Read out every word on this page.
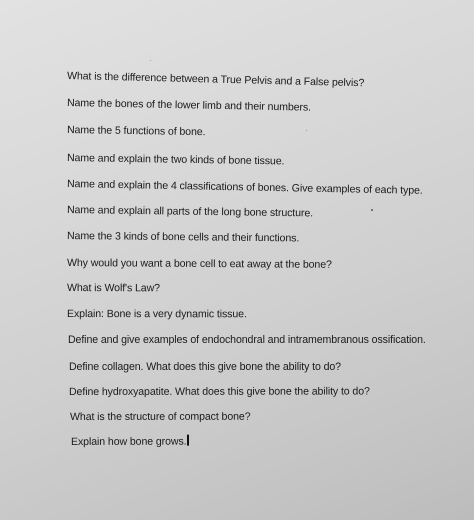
What is the difference between a True Pelvis and a False pelvis?

Name the bones of the lower limb and their numbers.

Name the 5 functions of bone.

Name and explain the two kinds of bone tissue.

Name and explain the 4 classifications of bones. Give examples of each type.

Name and explain all parts of the long bone structure.

Name the 3 kinds of bone cells and their functions.

Why would you want a bone cell to eat away at the bone?

What is Wolf's Law?

Explain: Bone is a very dynamic tissue.

Define and give examples of endochondral and intramembranous ossification.

Define collagen. What does this give bone the ability to do?

Define hydroxyapatite. What does this give bone the ability to do?

What is the structure of compact bone?

Explain how bone grows.
